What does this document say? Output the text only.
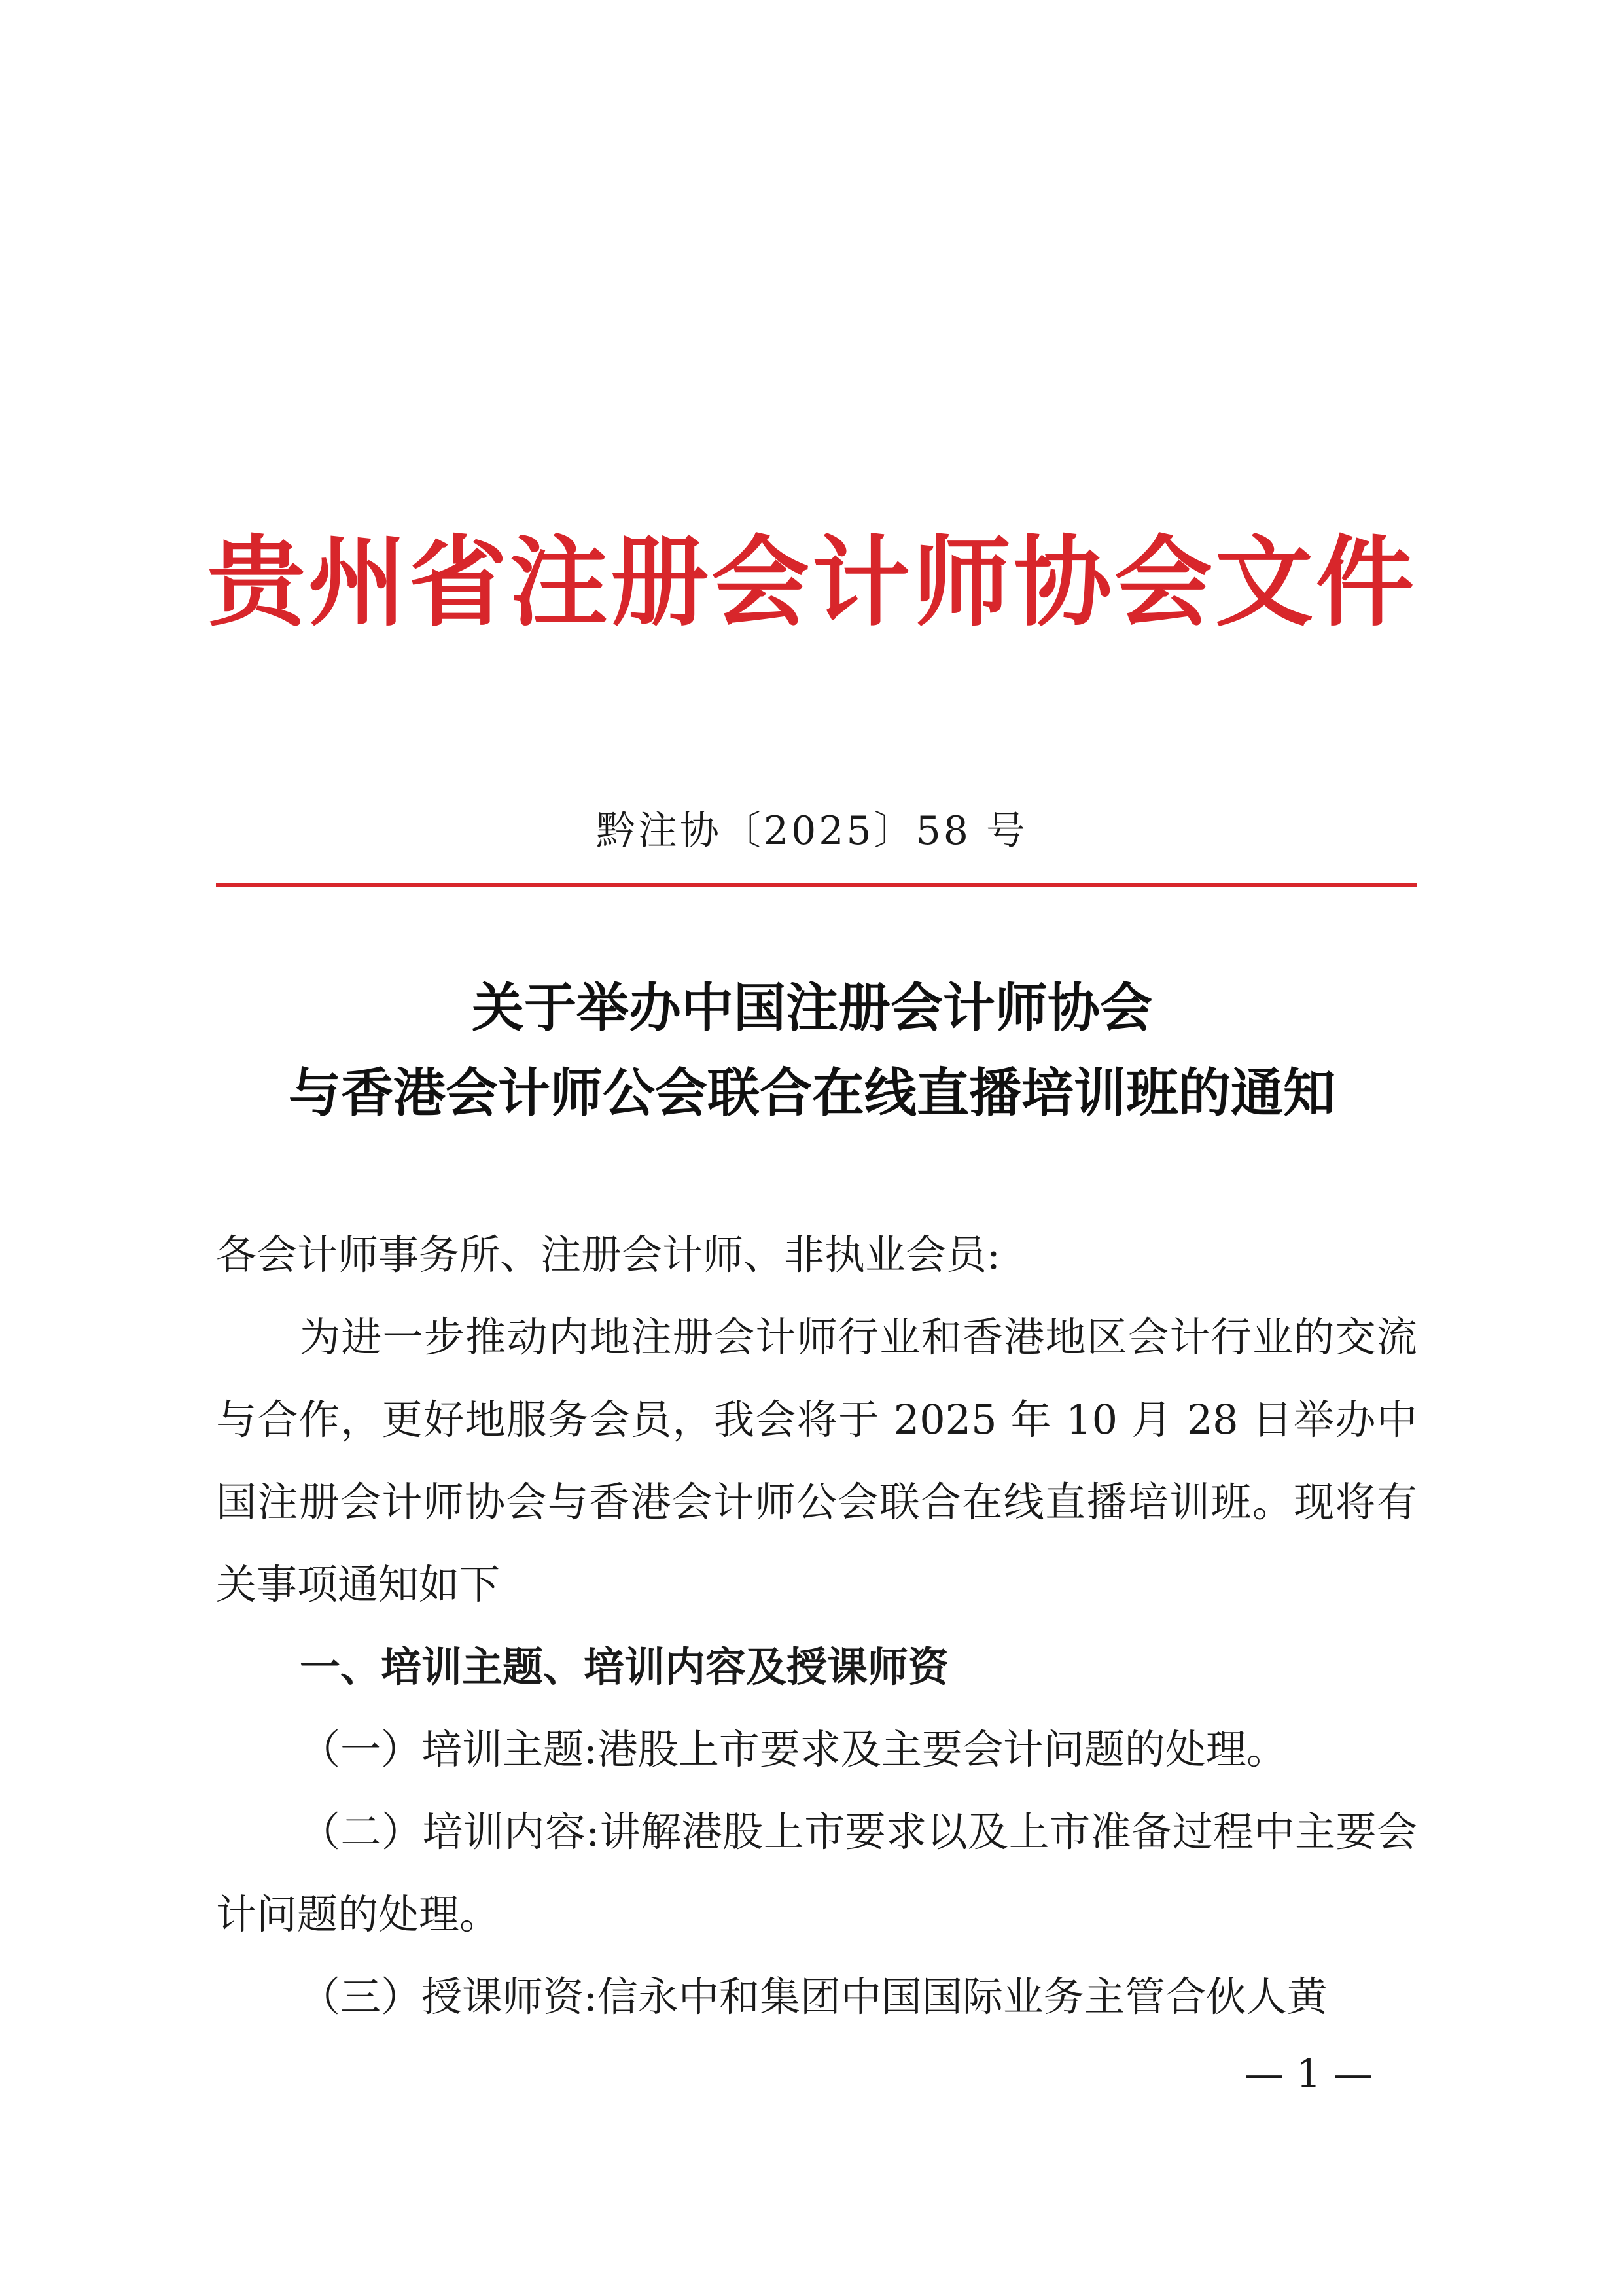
贵州省注册会计师协会文件
黔注协〔2025〕58 号
关于举办中国注册会计师协会
与香港会计师公会联合在线直播培训班的通知

各会计师事务所、注册会计师、非执业会员:

为进一步推动内地注册会计师行业和香港地区会计行业的交流与合作，更好地服务会员，我会将于 2025 年 10 月 28 日举办中国注册会计师协会与香港会计师公会联合在线直播培训班。现将有关事项通知如下

一、培训主题、培训内容及授课师资

（一）培训主题:港股上市要求及主要会计问题的处理。

（二）培训内容:讲解港股上市要求以及上市准备过程中主要会计问题的处理。

（三）授课师资:信永中和集团中国国际业务主管合伙人黄

— 1 —
